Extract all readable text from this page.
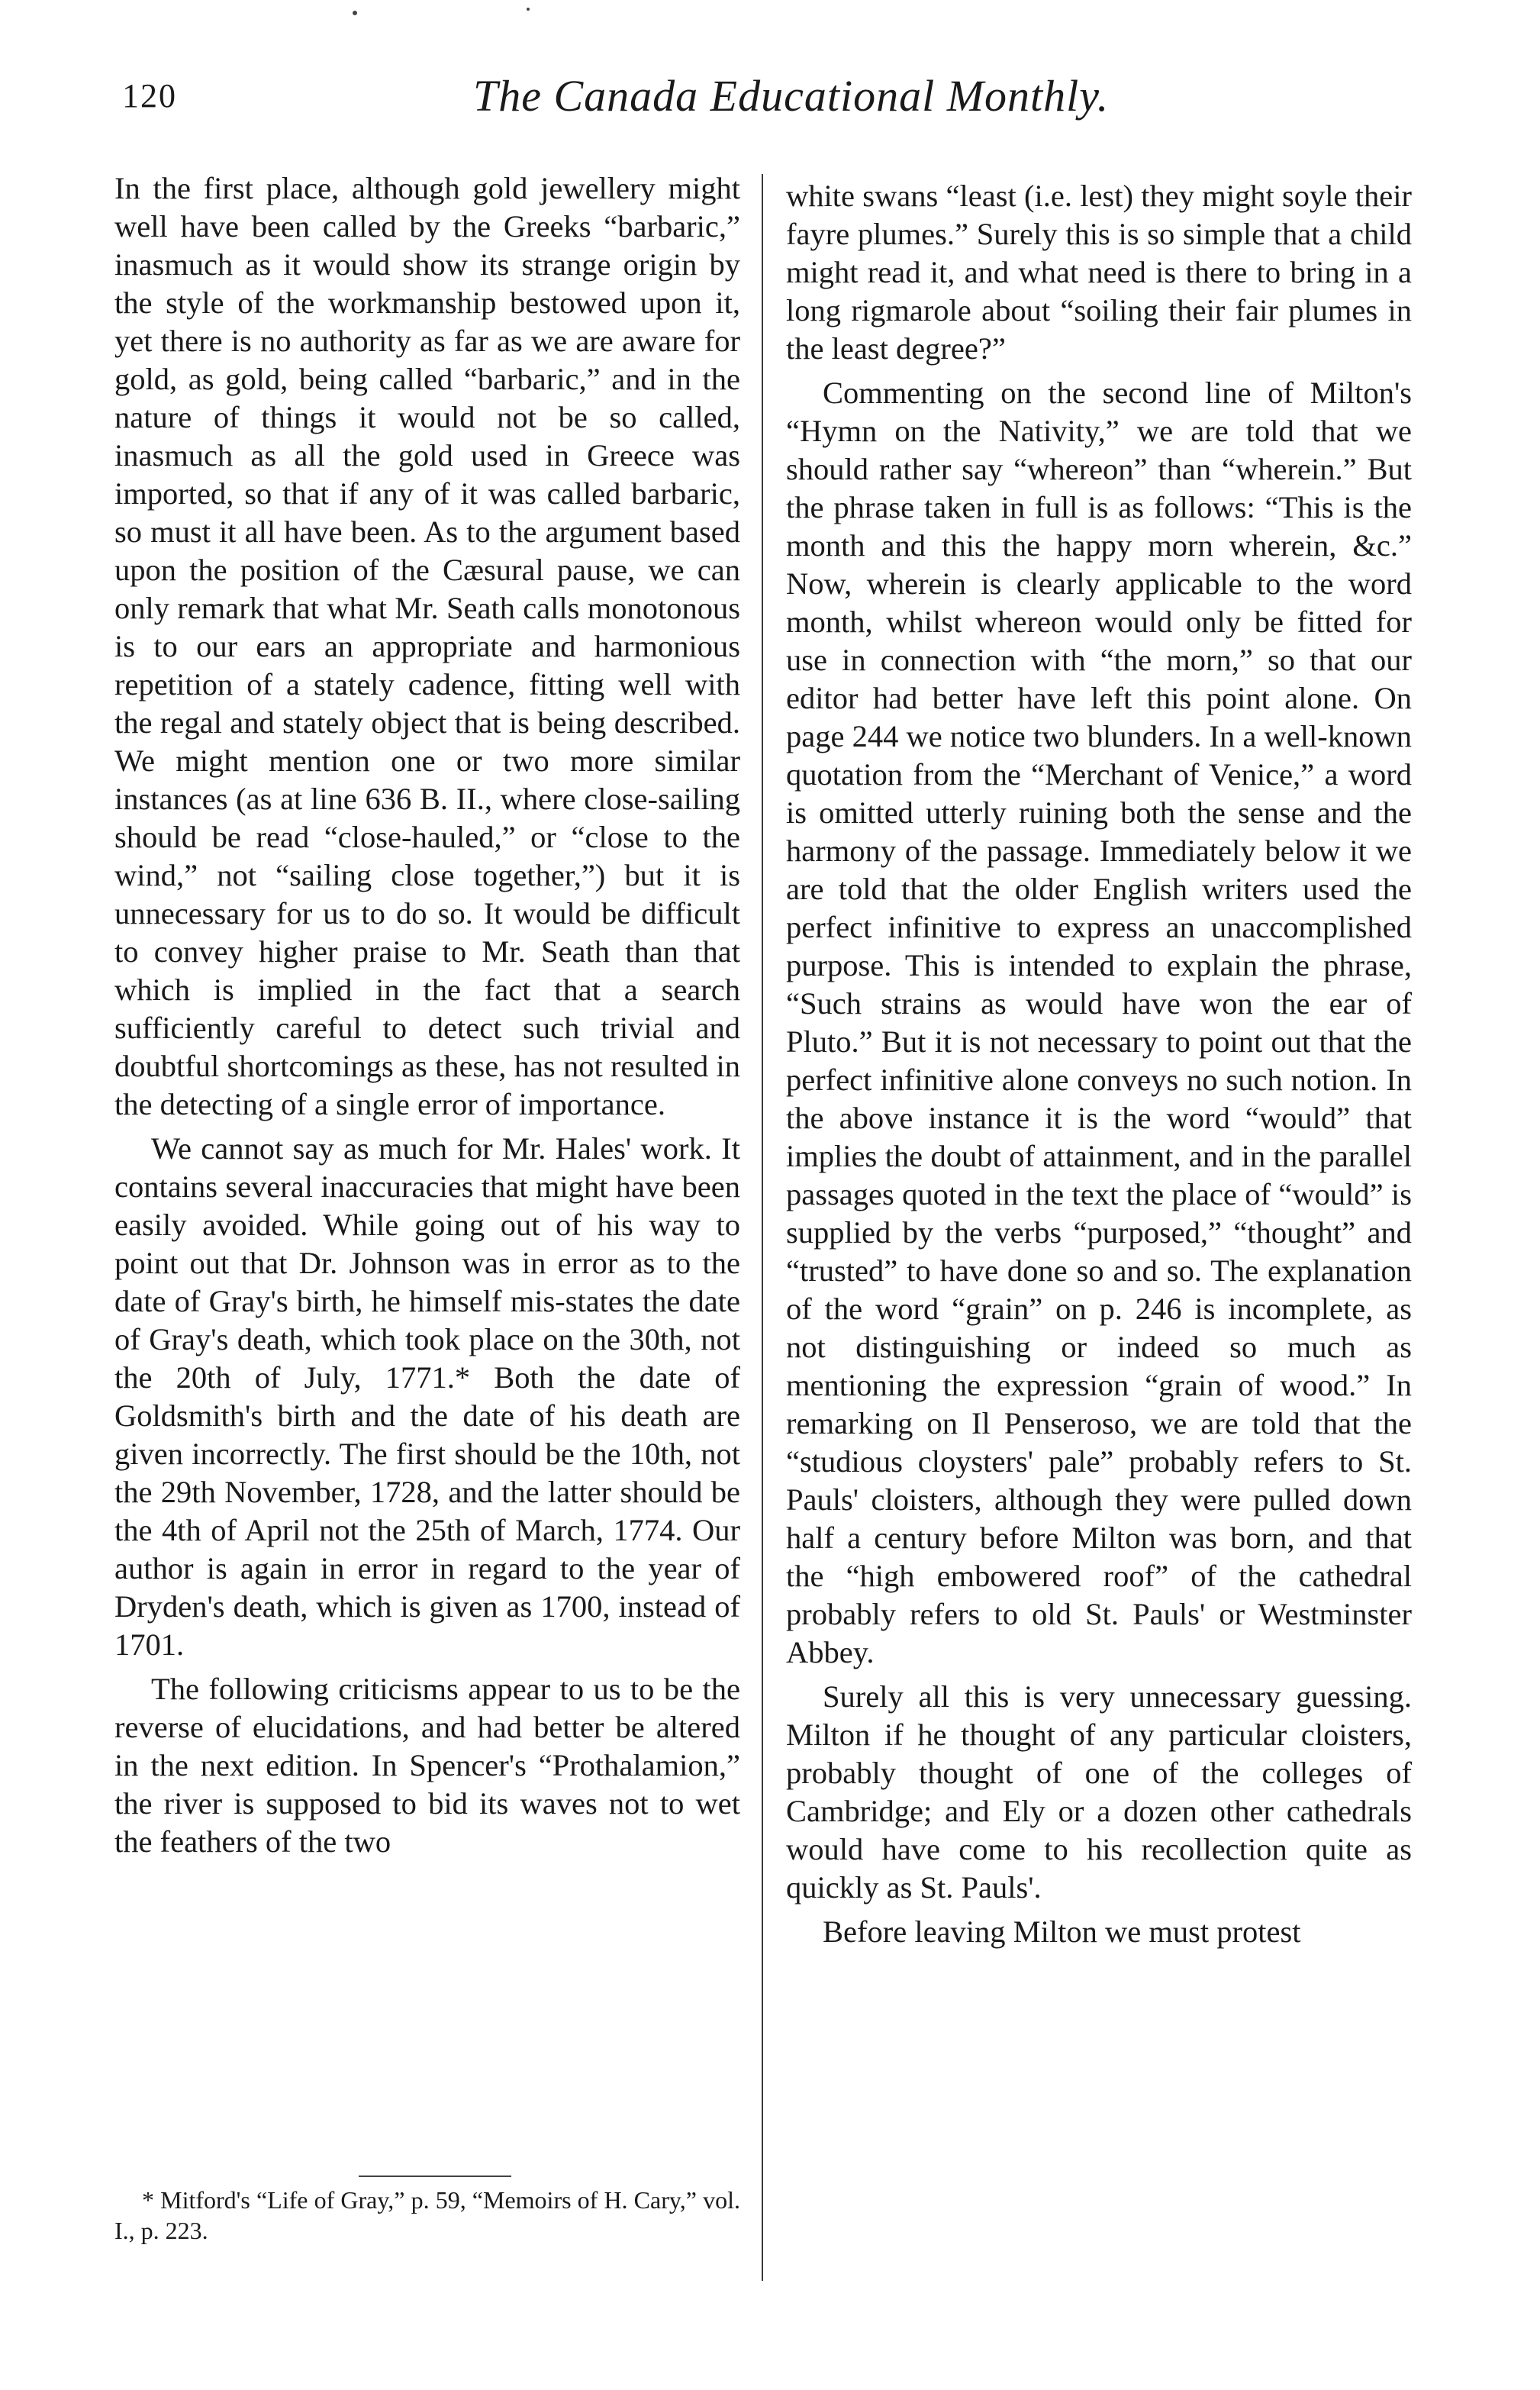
120	The Canada Educational Monthly.

In the first place, although gold jewellery might well have been called by the Greeks “barbaric,” inasmuch as it would show its strange origin by the style of the workmanship bestowed upon it, yet there is no authority as far as we are aware for gold, as gold, being called “barbaric,” and in the nature of things it would not be so called, inasmuch as all the gold used in Greece was imported, so that if any of it was called barbaric, so must it all have been. As to the argument based upon the position of the Cæsural pause, we can only remark that what Mr. Seath calls monotonous is to our ears an appropriate and harmonious repetition of a stately cadence, fitting well with the regal and stately object that is being described. We might mention one or two more similar instances (as at line 636 B. II., where close-sailing should be read “close-hauled,” or “close to the wind,” not “sailing close together,”) but it is unnecessary for us to do so. It would be difficult to convey higher praise to Mr. Seath than that which is implied in the fact that a search sufficiently careful to detect such trivial and doubtful shortcomings as these, has not resulted in the detecting of a single error of importance.

We cannot say as much for Mr. Hales' work. It contains several inaccuracies that might have been easily avoided. While going out of his way to point out that Dr. Johnson was in error as to the date of Gray's birth, he himself mis-states the date of Gray's death, which took place on the 30th, not the 20th of July, 1771.* Both the date of Goldsmith's birth and the date of his death are given incorrectly. The first should be the 10th, not the 29th November, 1728, and the latter should be the 4th of April not the 25th of March, 1774. Our author is again in error in regard to the year of Dryden's death, which is given as 1700, instead of 1701.

The following criticisms appear to us to be the reverse of elucidations, and had better be altered in the next edition. In Spencer's “Prothalamion,” the river is supposed to bid its waves not to wet the feathers of the two

white swans “least (i.e. lest) they might soyle their fayre plumes.” Surely this is so simple that a child might read it, and what need is there to bring in a long rigmarole about “soiling their fair plumes in the least degree?”

Commenting on the second line of Milton's “Hymn on the Nativity,” we are told that we should rather say “whereon” than “wherein.” But the phrase taken in full is as follows: “This is the month and this the happy morn wherein, &c.” Now, wherein is clearly applicable to the word month, whilst whereon would only be fitted for use in connection with “the morn,” so that our editor had better have left this point alone. On page 244 we notice two blunders. In a well-known quotation from the “Merchant of Venice,” a word is omitted utterly ruining both the sense and the harmony of the passage. Immediately below it we are told that the older English writers used the perfect infinitive to express an unaccomplished purpose. This is intended to explain the phrase, “Such strains as would have won the ear of Pluto.” But it is not necessary to point out that the perfect infinitive alone conveys no such notion. In the above instance it is the word “would” that implies the doubt of attainment, and in the parallel passages quoted in the text the place of “would” is supplied by the verbs “purposed,” “thought” and “trusted” to have done so and so. The explanation of the word “grain” on p. 246 is incomplete, as not distinguishing or indeed so much as mentioning the expression “grain of wood.” In remarking on Il Penseroso, we are told that the “studious cloysters' pale” probably refers to St. Pauls' cloisters, although they were pulled down half a century before Milton was born, and that the “high embowered roof” of the cathedral probably refers to old St. Pauls' or Westminster Abbey.

Surely all this is very unnecessary guessing. Milton if he thought of any particular cloisters, probably thought of one of the colleges of Cambridge; and Ely or a dozen other cathedrals would have come to his recollection quite as quickly as St. Pauls'.

Before leaving Milton we must protest

* Mitford's “Life of Gray,” p. 59, “Memoirs of H. Cary,” vol. I., p. 223.
